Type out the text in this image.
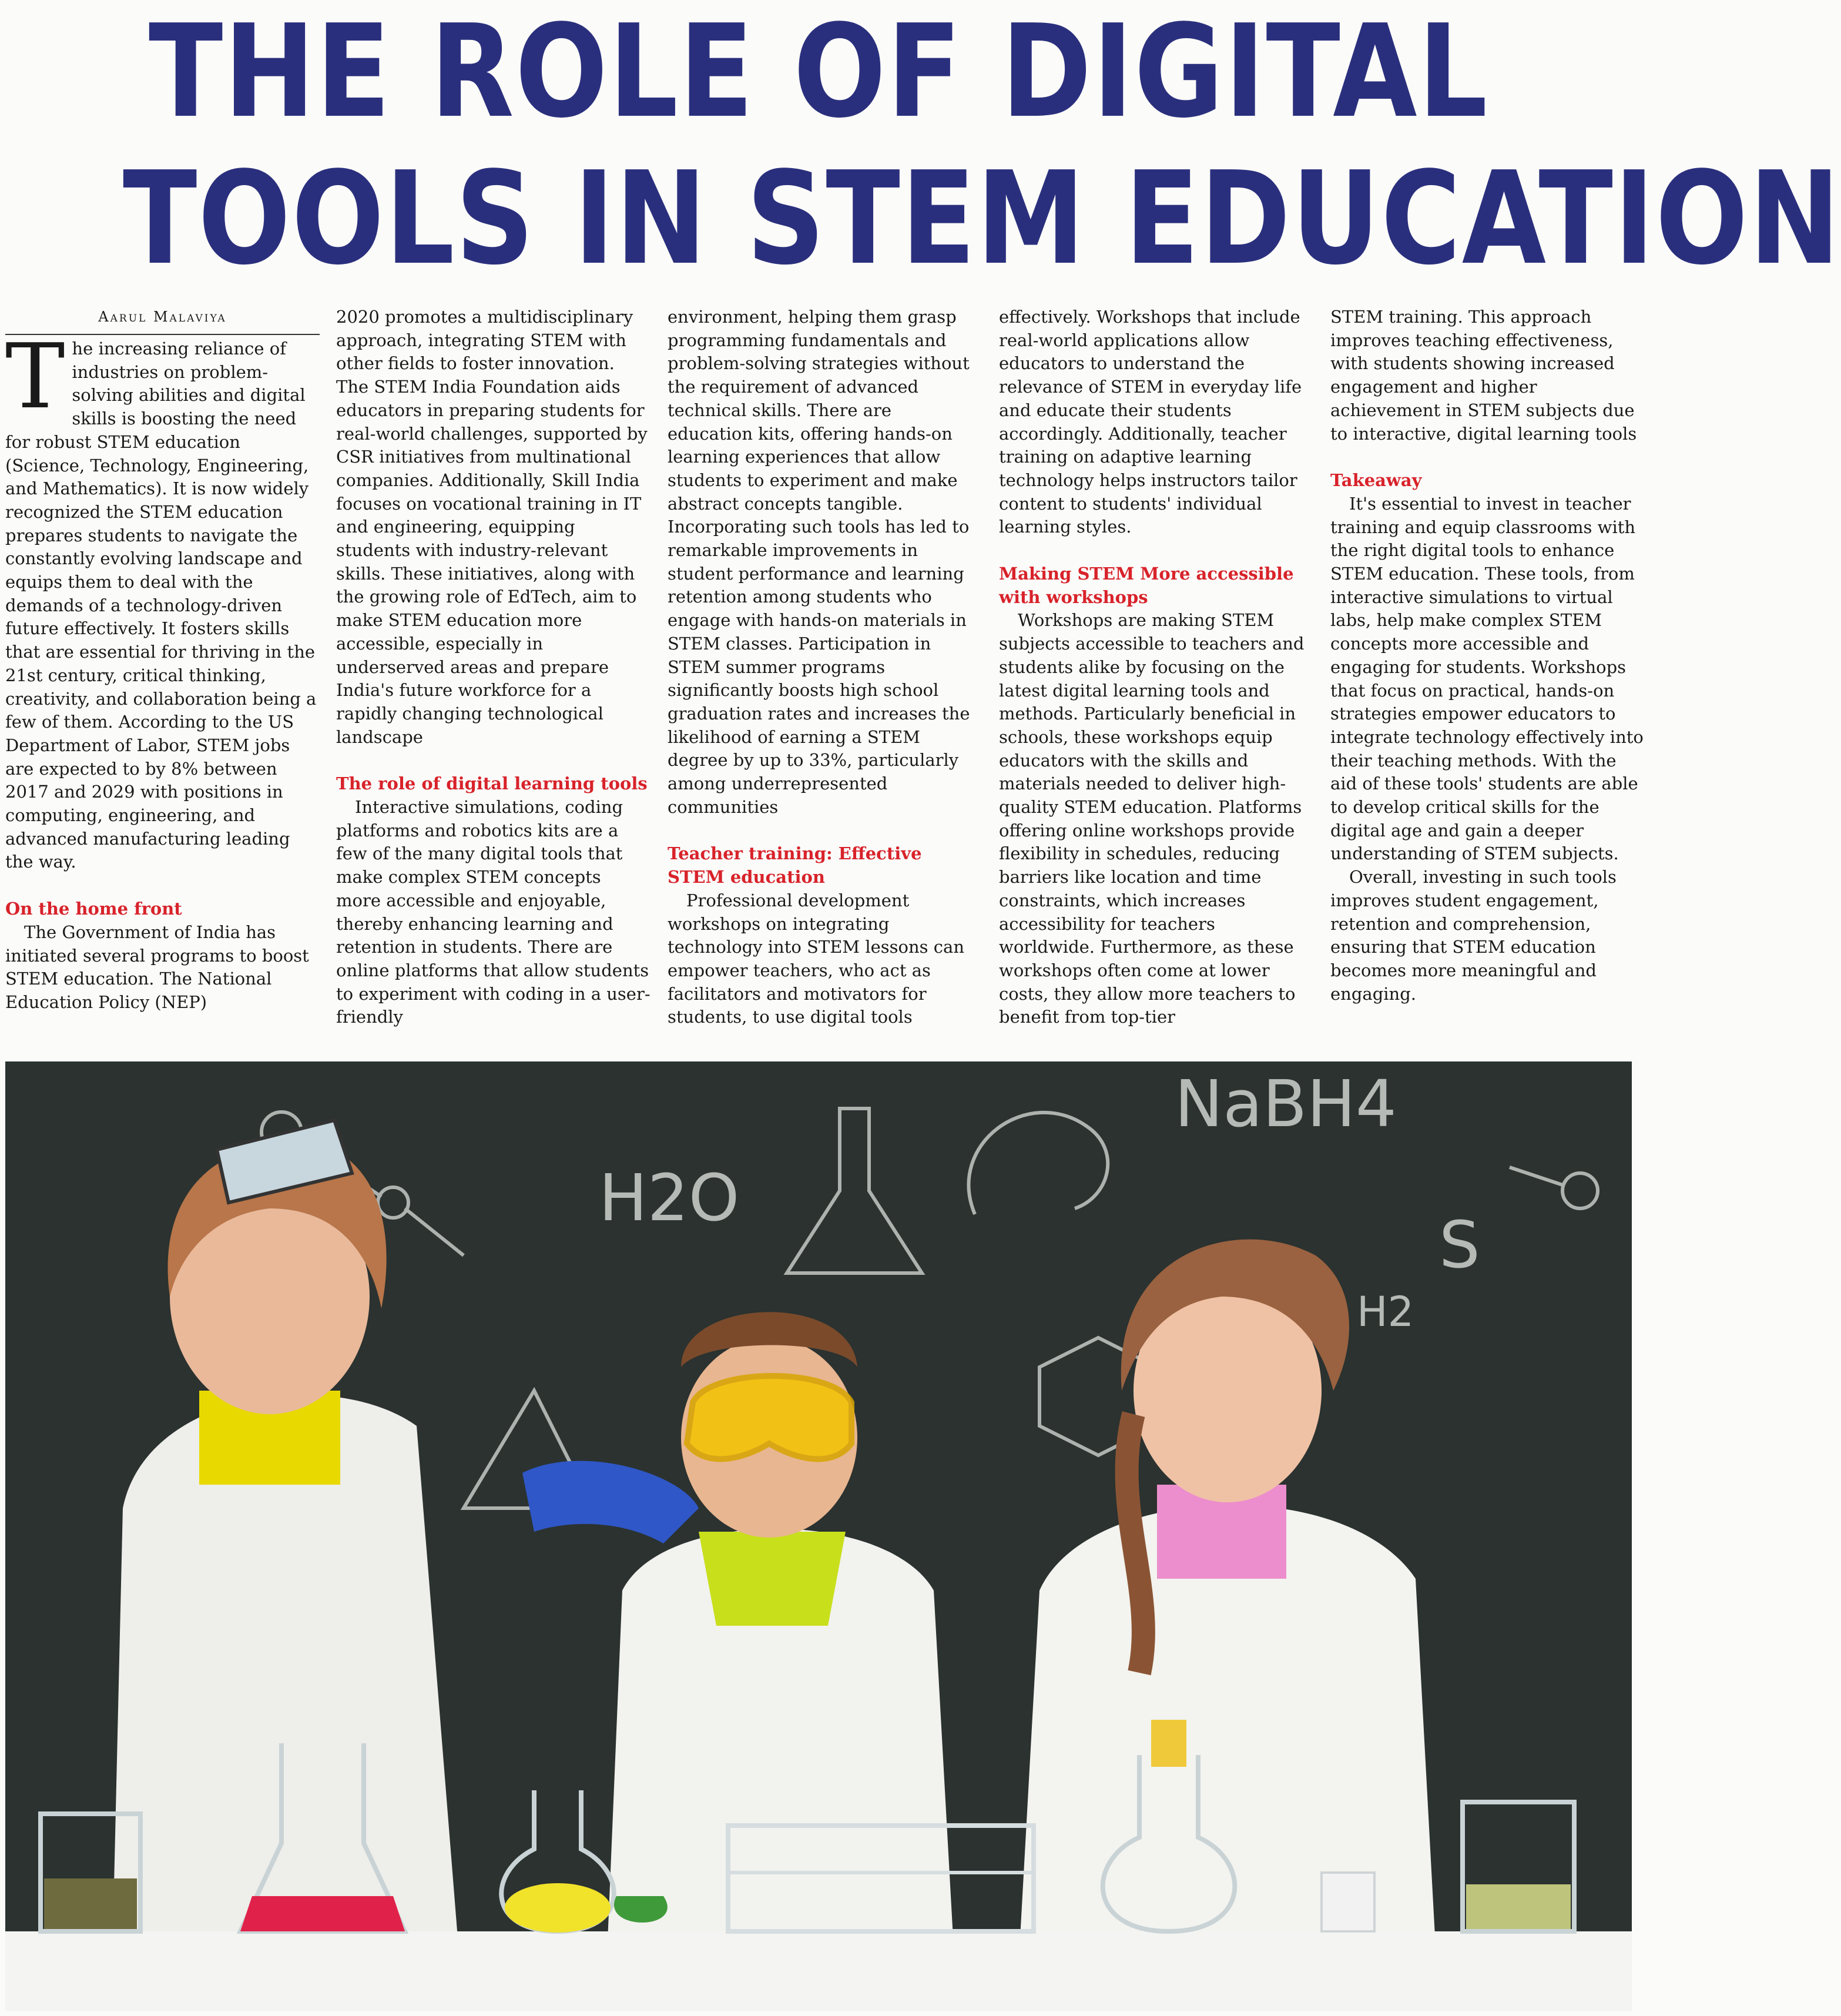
THE ROLE OF DIGITAL
TOOLS IN STEM EDUCATION
Aarul Malaviya

The increasing reliance of industries on problem-solving abilities and digital skills is boosting the need for robust STEM education (Science, Technology, Engineering, and Mathematics). It is now widely recognized the STEM education prepares students to navigate the constantly evolving landscape and equips them to deal with the demands of a technology-driven future effectively. It fosters skills that are essential for thriving in the 21st century, critical thinking, creativity, and collaboration being a few of them. According to the US Department of Labor, STEM jobs are expected to by 8% between 2017 and 2029 with positions in computing, engineering, and advanced manufacturing leading the way.

On the home front

The Government of India has initiated several programs to boost STEM education. The National Education Policy (NEP)

2020 promotes a multidisciplinary approach, integrating STEM with other fields to foster innovation. The STEM India Foundation aids educators in preparing students for real-world challenges, supported by CSR initiatives from multinational companies. Additionally, Skill India focuses on vocational training in IT and engineering, equipping students with industry-relevant skills. These initiatives, along with the growing role of EdTech, aim to make STEM education more accessible, especially in underserved areas and prepare India's future workforce for a rapidly changing technological landscape

The role of digital learning tools

Interactive simulations, coding platforms and robotics kits are a few of the many digital tools that make complex STEM concepts more accessible and enjoyable, thereby enhancing learning and retention in students. There are online platforms that allow students to experiment with coding in a user-friendly

environment, helping them grasp programming fundamentals and problem-solving strategies without the requirement of advanced technical skills. There are education kits, offering hands-on learning experiences that allow students to experiment and make abstract concepts tangible. Incorporating such tools has led to remarkable improvements in student performance and learning retention among students who engage with hands-on materials in STEM classes. Participation in STEM summer programs significantly boosts high school graduation rates and increases the likelihood of earning a STEM degree by up to 33%, particularly among underrepresented communities

Teacher training: Effective STEM education

Professional development workshops on integrating technology into STEM lessons can empower teachers, who act as facilitators and motivators for students, to use digital tools

effectively. Workshops that include real-world applications allow educators to understand the relevance of STEM in everyday life and educate their students accordingly. Additionally, teacher training on adaptive learning technology helps instructors tailor content to students' individual learning styles.

Making STEM More accessible with workshops

Workshops are making STEM subjects accessible to teachers and students alike by focusing on the latest digital learning tools and methods. Particularly beneficial in schools, these workshops equip educators with the skills and materials needed to deliver high-quality STEM education. Platforms offering online workshops provide flexibility in schedules, reducing barriers like location and time constraints, which increases accessibility for teachers worldwide. Furthermore, as these workshops often come at lower costs, they allow more teachers to benefit from top-tier

STEM training. This approach improves teaching effectiveness, with students showing increased engagement and higher achievement in STEM subjects due to interactive, digital learning tools

Takeaway

It's essential to invest in teacher training and equip classrooms with the right digital tools to enhance STEM education. These tools, from interactive simulations to virtual labs, help make complex STEM concepts more accessible and engaging for students. Workshops that focus on practical, hands-on strategies empower educators to integrate technology effectively into their teaching methods. With the aid of these tools' students are able to develop critical skills for the digital age and gain a deeper understanding of STEM subjects.

Overall, investing in such tools improves student engagement, retention and comprehension, ensuring that STEM education becomes more meaningful and engaging.

H2O
NaBH4
S
H2
